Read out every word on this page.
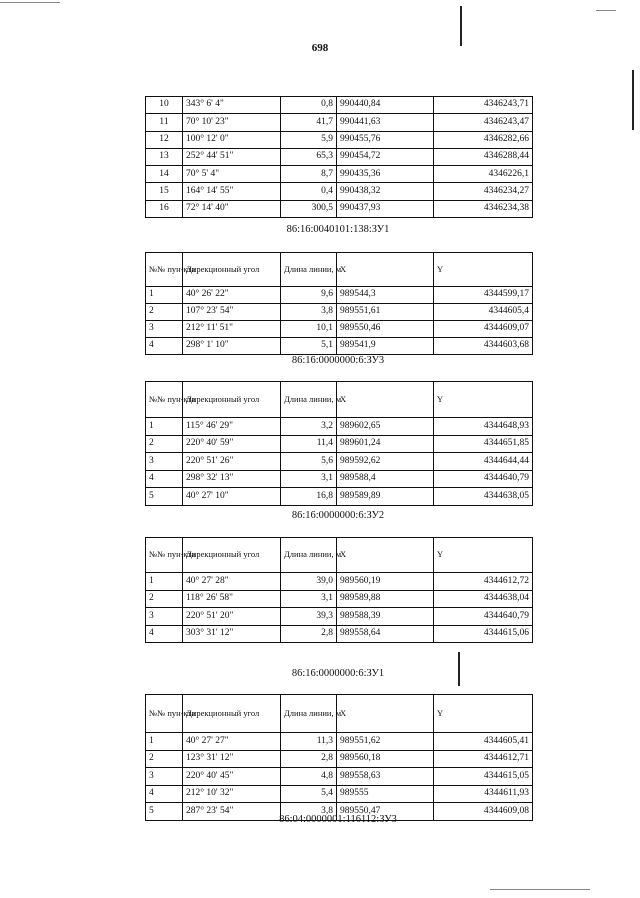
698
10	343° 6' 4"	0,8	990440,84	4346243,71
11	70° 10' 23"	41,7	990441,63	4346243,47
12	100° 12' 0"	5,9	990455,76	4346282,66
13	252° 44' 51"	65,3	990454,72	4346288,44
14	70° 5' 4"	8,7	990435,36	4346226,1
15	164° 14' 55"	0,4	990438,32	4346234,27
16	72° 14' 40"	300,5	990437,93	4346234,38
86:16:0040101:138:ЗУ1
№№ пун-кта	Дирекционный угол	Длина линии, м	X	Y
1	40° 26' 22"	9,6	989544,3	4344599,17
2	107° 23' 54"	3,8	989551,61	4344605,4
3	212° 11' 51"	10,1	989550,46	4344609,07
4	298° 1' 10"	5,1	989541,9	4344603,68
86:16:0000000:6:ЗУ3
№№ пун-кта	Дирекционный угол	Длина линии, м	X	Y
1	115° 46' 29"	3,2	989602,65	4344648,93
2	220° 40' 59"	11,4	989601,24	4344651,85
3	220° 51' 26"	5,6	989592,62	4344644,44
4	298° 32' 13"	3,1	989588,4	4344640,79
5	40° 27' 10"	16,8	989589,89	4344638,05
86:16:0000000:6:ЗУ2
№№ пун-кта	Дирекционный угол	Длина линии, м	X	Y
1	40° 27' 28"	39,0	989560,19	4344612,72
2	118° 26' 58"	3,1	989589,88	4344638,04
3	220° 51' 20"	39,3	989588,39	4344640,79
4	303° 31' 12"	2,8	989558,64	4344615,06
86:16:0000000:6:ЗУ1
№№ пун-кта	Дирекционный угол	Длина линии, м	X	Y
1	40° 27' 27"	11,3	989551,62	4344605,41
2	123° 31' 12"	2,8	989560,18	4344612,71
3	220° 40' 45"	4,8	989558,63	4344615,05
4	212° 10' 32"	5,4	989555	4344611,93
5	287° 23' 54"	3,8	989550,47	4344609,08
86:04:0000001:116112:ЗУ3
